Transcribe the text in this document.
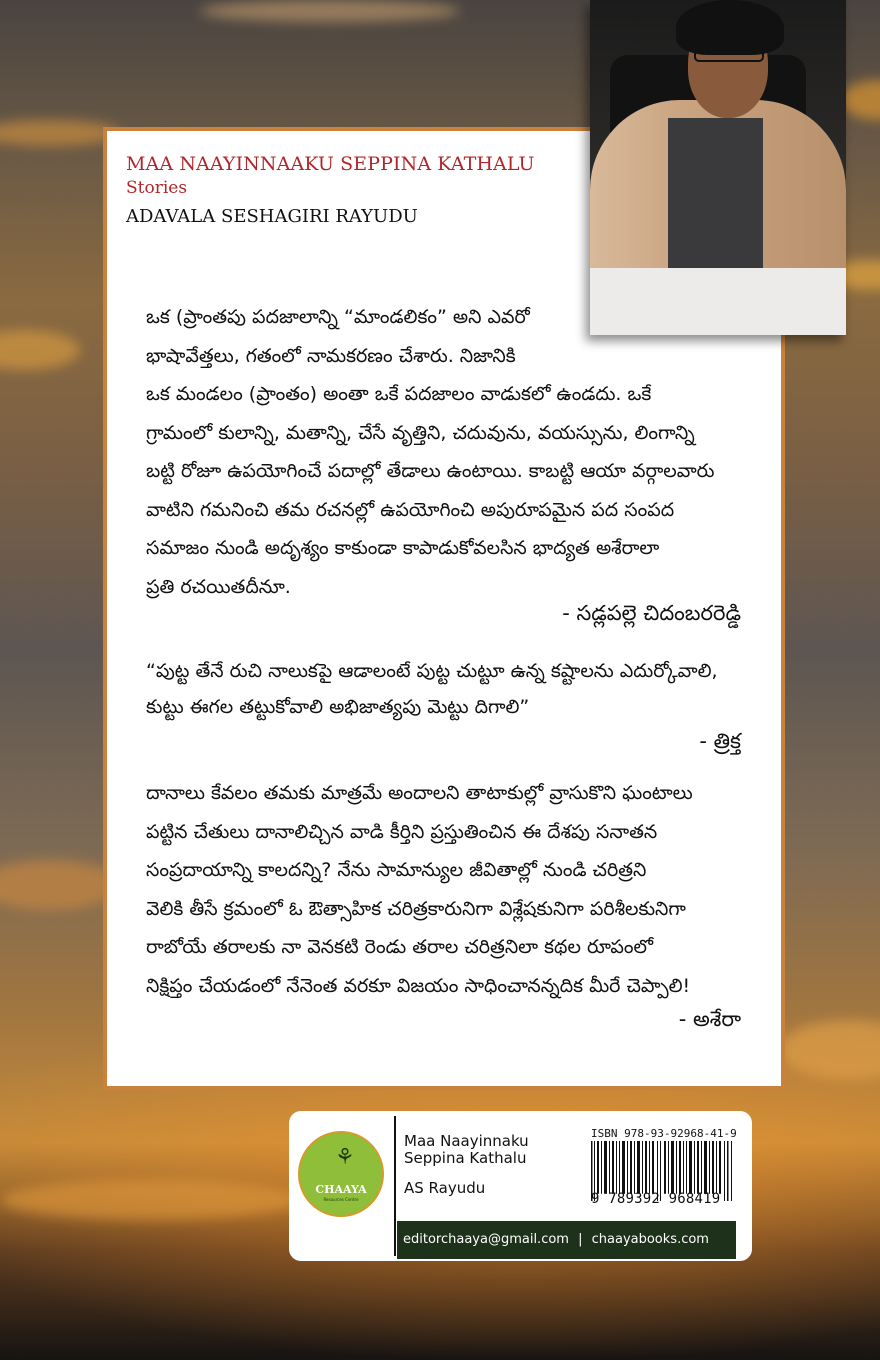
MAA NAAYINNAAKU SEPPINA KATHALU
Stories
ADAVALA SESHAGIRI RAYUDU
ఒక (ప్రాంతపు పదజాలాన్ని “మాండలికం” అని ఎవరో
భాషావేత్తలు, గతంలో నామకరణం చేశారు. నిజానికి
ఒక మండలం (ప్రాంతం) అంతా ఒకే పదజాలం వాడుకలో ఉండదు. ఒకే
గ్రామంలో కులాన్ని, మతాన్ని, చేసే వృత్తిని, చదువును, వయస్సును, లింగాన్ని
బట్టి రోజూ ఉపయోగించే పదాల్లో తేడాలు ఉంటాయి. కాబట్టి ఆయా వర్గాలవారు
వాటిని గమనించి తమ రచనల్లో ఉపయోగించి అపురూపమైన పద సంపద
సమాజం నుండి అదృశ్యం కాకుండా కాపాడుకోవలసిన భాద్యత అశేరాలా
ప్రతి రచయితదీనూ.
- సడ్లపల్లె చిదంబరరెడ్డి
“పుట్ట తేనే రుచి నాలుకపై ఆడాలంటే పుట్ట చుట్టూ ఉన్న కష్టాలను ఎదుర్కోవాలి,
కుట్టు ఈగల తట్టుకోవాలి అభిజాత్యపు మెట్టు దిగాలి”
- త్రిక్త
దానాలు కేవలం తమకు మాత్రమే అందాలని తాటాకుల్లో వ్రాసుకొని ఘంటాలు
పట్టిన చేతులు దానాలిచ్చిన వాడి కీర్తిని ప్రస్తుతించిన ఈ దేశపు సనాతన
సంప్రదాయాన్ని కాలదన్ని? నేను సామాన్యుల జీవితాల్లో నుండి చరిత్రని
వెలికి తీసే క్రమంలో ఓ ఔత్సాహిక చరిత్రకారునిగా విశ్లేషకునిగా పరిశీలకునిగా
రాబోయే తరాలకు నా వెనకటి రెండు తరాల చరిత్రనిలా కథల రూపంలో
నిక్షిప్తం చేయడంలో నేనెంత వరకూ విజయం సాధించానన్నదిక మీరే చెప్పాలి!
- అశేరా
⚘
CHAAYA
Resources Centre
Maa Naayinnaku
Seppina Kathalu
AS Rayudu
ISBN 978-93-92968-41-9
9 789392 968419
editorchaaya@gmail.com | chaayabooks.com
